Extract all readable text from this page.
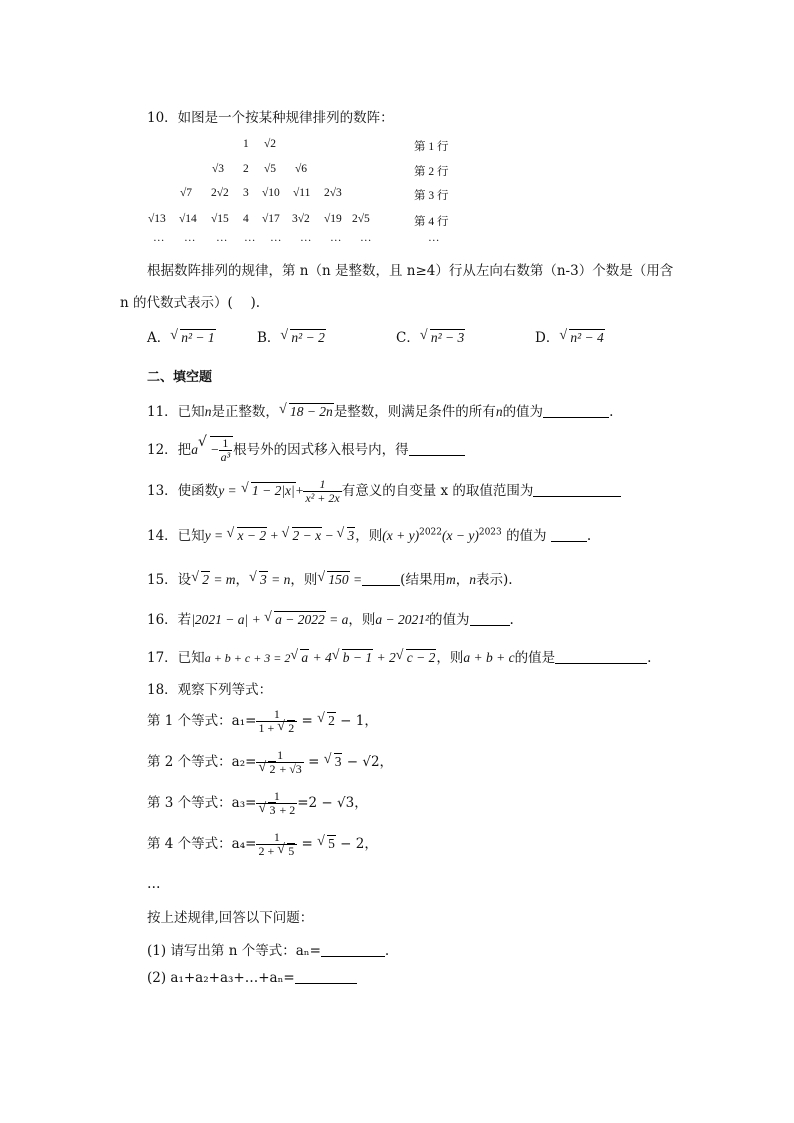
10．如图是一个按某种规律排列的数阵：
1 √2	第 1 行
√3 2 √5 √6	第 2 行
√7 2√2 3 √10 √11 2√3	第 3 行
√13 √14 √15 4 √17 3√2 √19 2√5	第 4 行
… … … … … … … …	…
根据数阵排列的规律，第 n（n 是整数，且 n≥4）行从左向右数第（n-3）个数是（用含
n 的代数式表示）(　 ).
A．√ n² − 1	B．√ n² − 2	C．√ n² − 3	D．√ n² − 4
二、填空题
11．已知n是正整数，√ 18 − 2n是整数，则满足条件的所有n的值为	.
12．把$a√ - \frac{1}{\text{a³}}$ 根号外的因式移入根号内，得
13．使函数y = √ $1 - 2|x|+ \frac{1}{\text{x² + 2x}}$ 有意义的自变量 x 的取值范围为
14．已知y = √ x − 2 + √ 2 − x − √ 3，则$(x + y)^{2022}(x - y)^{2023}$ 的值为	.
15．设√ 2 = m，√ 3 = n，则√ 150 =	(结果用m，n表示).
16．若|2021 − a| + √ a − 2022 = a，则a − 2021²的值为	.
17．已知a + b + c + 3 = 2√ a + 4√ b − 1 + 2√ c − 2，则a + b + c的值是	.
18．观察下列等式：
第 1 个等式：$a_1= \frac{1}{1 + √ 2}$ = √ 2 − 1，
第 2 个等式：a₂= 1
√ 2 + √3 = √ 3 − √2，
第 3 个等式：a₃= 1
√ 3 + 2 =2 − √3，
第 4 个等式：$a_4= \frac{1}{2 + √ 5}$ = √ 5 − 2，
…
按上述规律,回答以下问题：
(1) 请写出第 n 个等式：aₙ=	.
(2) a₁+a₂+a₃+…+aₙ=
